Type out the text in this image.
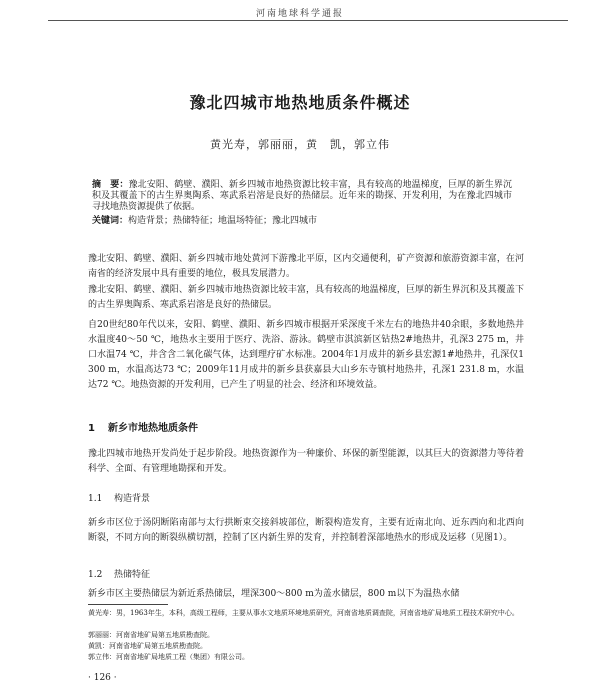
河南地球科学通报
豫北四城市地热地质条件概述
黄光寿，郭丽丽，黄　凯，郭立伟
摘　要：豫北安阳、鹤壁、濮阳、新乡四城市地热资源比较丰富，具有较高的地温梯度，巨厚的新生界沉积及其覆盖下的古生界奥陶系、寒武系岩溶是良好的热储层。近年来的勘探、开发利用，为在豫北四城市寻找地热资源提供了依据。
关键词：构造背景；热储特征；地温场特征；豫北四城市

豫北安阳、鹤壁、濮阳、新乡四城市地处黄河下游豫北平原，区内交通便利，矿产资源和旅游资源丰富，在河南省的经济发展中具有重要的地位，极具发展潜力。

豫北安阳、鹤壁、濮阳、新乡四城市地热资源比较丰富，具有较高的地温梯度，巨厚的新生界沉积及其覆盖下的古生界奥陶系、寒武系岩溶是良好的热储层。

自20世纪80年代以来，安阳、鹤壁、濮阳、新乡四城市根据开采深度千米左右的地热井40余眼，多数地热井水温度40～50 ℃，地热水主要用于医疗、洗浴、游泳。鹤壁市淇滨新区钻热2#地热井，孔深3 275 m，井口水温74 ℃，井含含二氧化碳气体，达到理疗矿水标准。2004年1月成井的新乡县宏源1#地热井，孔深仅1 300 m，水温高达73 ℃；2009年11月成井的新乡县获嘉县大山乡东寺镇村地热井，孔深1 231.8 m，水温达72 ℃。地热资源的开发利用，已产生了明显的社会、经济和环境效益。

1 新乡市地热地质条件

豫北四城市地热开发尚处于起步阶段。地热资源作为一种廉价、环保的新型能源，以其巨大的资源潜力等待着科学、全面、有管理地勘探和开发。

1.1 构造背景

新乡市区位于汤阴断陷南部与太行拱断束交接斜坡部位，断裂构造发育，主要有近南北向、近东西向和北西向断裂，不同方向的断裂纵横切割，控制了区内新生界的发育，并控制着深部地热水的形成及运移（见图1）。

1.2 热储特征

新乡市区主要热储层为新近系热储层，埋深300～800 m为盖水储层，800 m以下为温热水储

黄光寿：男，1963年生，本科，高级工程师，主要从事水文地质环境地质研究，河南省地质调查院，河南省地矿局地质工程技术研究中心。

郭丽丽：河南省地矿局第五地质勘查院。

黄凯：河南省地矿局第五地质勘查院。

郭立伟：河南省地矿局地质工程（集团）有限公司。

· 126 ·
